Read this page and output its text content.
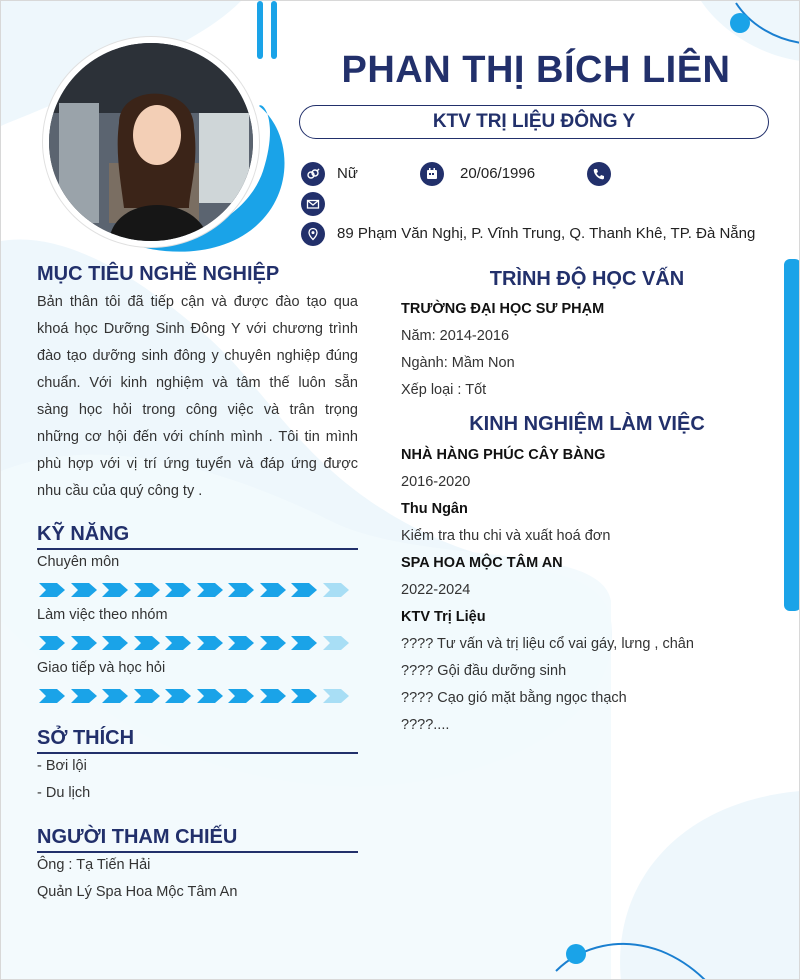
PHAN THỊ BÍCH LIÊN
KTV TRỊ LIỆU ĐÔNG Y
Nữ	20/06/1996
89 Phạm Văn Nghị, P. Vĩnh Trung, Q. Thanh Khê, TP. Đà Nẵng
MỤC TIÊU NGHỀ NGHIỆP
Bản thân tôi đã tiếp cận và được đào tạo qua
khoá học Dưỡng Sinh Đông Y với chương trình
đào tạo dưỡng sinh đông y chuyên nghiệp đúng
chuẩn. Với kinh nghiệm và tâm thế luôn sẵn
sàng học hỏi trong công việc và trân trọng
những cơ hội đến với chính mình . Tôi tin mình
phù hợp với vị trí ứng tuyển và đáp ứng được
nhu cầu của quý công ty .
KỸ NĂNG
Chuyên môn
Làm việc theo nhóm
Giao tiếp và học hỏi
SỞ THÍCH
- Bơi lội
- Du lịch
NGƯỜI THAM CHIẾU
Ông : Tạ Tiến Hải
Quản Lý Spa Hoa Mộc Tâm An
TRÌNH ĐỘ HỌC VẤN
TRƯỜNG ĐẠI HỌC SƯ PHẠM
Năm: 2014-2016
Ngành: Mầm Non
Xếp loại : Tốt
KINH NGHIỆM LÀM VIỆC
NHÀ HÀNG PHÚC CÂY BÀNG
2016-2020
Thu Ngân
Kiểm tra thu chi và xuất hoá đơn
SPA HOA MỘC TÂM AN
2022-2024
KTV Trị Liệu
???? Tư vấn và trị liệu cổ vai gáy, lưng , chân
???? Gội đầu dưỡng sinh
???? Cạo gió mặt bằng ngọc thạch
????....
